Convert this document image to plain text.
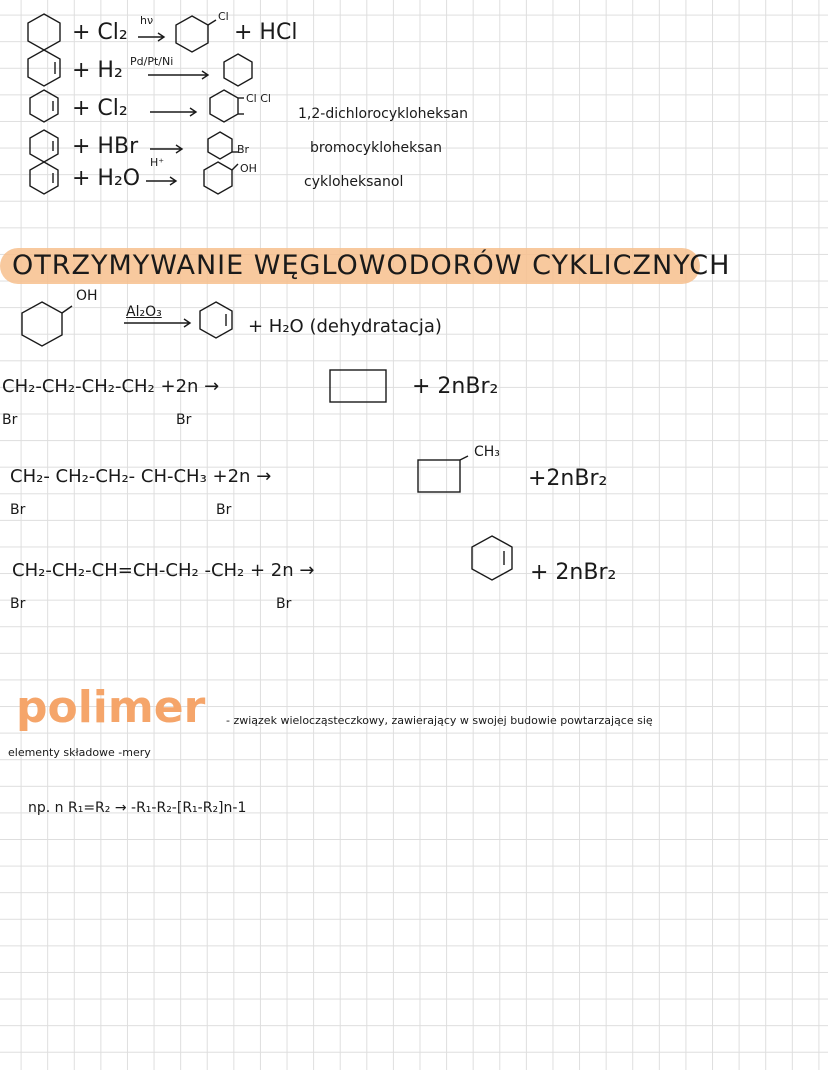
+ Cl₂ hν	Cl
+ HCl
+ H₂ Pd/Pt/Ni
+ Cl₂	Cl Cl
1,2-dichlorocykloheksan
+ HBr	Br	bromocykloheksan
+ H₂O
H⁺	OH
cykloheksanol
OTRZYMYWANIE WĘGLOWODORÓW CYKLICZNYCH
OH
Al₂O₃
+ H₂O (dehydratacja)
CH₂-CH₂-CH₂-CH₂ +2n →
Br	Br
+ 2nBr₂
CH₂- CH₂-CH₂- CH-CH₃ +2n →
Br	Br
CH₃
+2nBr₂
CH₂-CH₂-CH=CH-CH₂ -CH₂ + 2n →
Br	Br
+ 2nBr₂
polimer - związek wielocząsteczkowy, zawierający w swojej budowie powtarzające się
elementy składowe -mery
np. n R₁=R₂ → -R₁-R₂-[R₁-R₂]n-1
